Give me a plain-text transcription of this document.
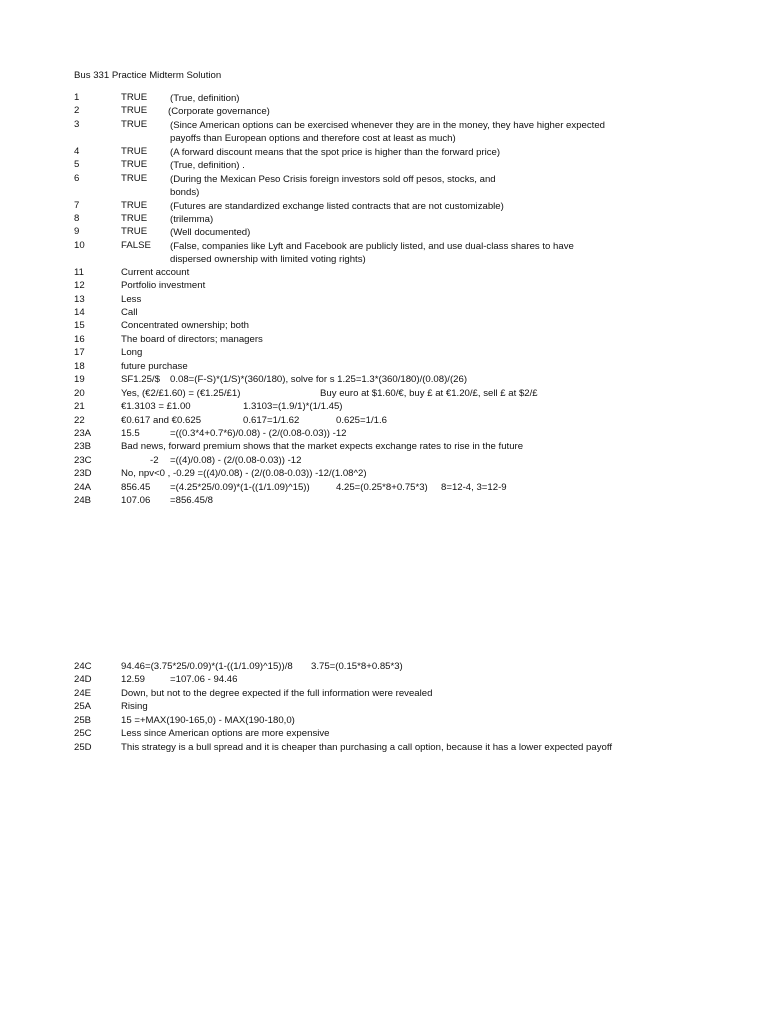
Bus 331 Practice Midterm Solution
1	TRUE (True, definition)
2	TRUE (Corporate governance)
3	TRUE (Since American options can be exercised whenever they are in the money, they have higher expected payoffs than European options and therefore cost at least as much)
4	TRUE (A forward discount means that the spot price is higher than the forward price)
5	TRUE (True, definition) .
6	TRUE (During the Mexican Peso Crisis foreign investors sold off pesos, stocks, and bonds)
7	TRUE (Futures are standardized exchange listed contracts that are not customizable)
8	TRUE (trilemma)
9	TRUE (Well documented)
10	FALSE (False, companies like Lyft and Facebook are publicly listed, and use dual-class shares to have dispersed ownership with limited voting rights)
11	Current account
12	Portfolio investment
13	Less
14	Call
15	Concentrated ownership; both
16	The board of directors; managers
17	Long
18	future purchase
19	SF1.25/$ 0.08=(F-S)*(1/S)*(360/180), solve for s 1.25=1.3*(360/180)/(0.08)/(26)
20	Yes, (€2/£1.60) = (€1.25/£1)	Buy euro at $1.60/€, buy £ at €1.20/£, sell £ at $2/£
21	€1.3103 = £1.00	1.3103=(1.9/1)*(1/1.45)
22	€0.617 and €0.625	0.617=1/1.62	0.625=1/1.6
23A	15.5	=((0.3*4+0.7*6)/0.08) - (2/(0.08-0.03)) -12
23B	Bad news, forward premium shows that the market expects exchange rates to rise in the future
23C	-2 =((4)/0.08) - (2/(0.08-0.03)) -12
23D	No, npv<0 , -0.29 =((4)/0.08) - (2/(0.08-0.03)) -12/(1.08^2)
24A	856.45 =(4.25*25/0.09)*(1-((1/1.09)^15))	4.25=(0.25*8+0.75*3) 8=12-4, 3=12-9
24B	107.06 =856.45/8
24C	94.46=(3.75*25/0.09)*(1-((1/1.09)^15))/8 3.75=(0.15*8+0.85*3)
24D	12.59	=107.06 - 94.46
24E	Down, but not to the degree expected if the full information were revealed
25A	Rising
25B	15 =+MAX(190-165,0) - MAX(190-180,0)
25C	Less since American options are more expensive
25D	This strategy is a bull spread and it is cheaper than purchasing a call option, because it has a lower expected payoff
